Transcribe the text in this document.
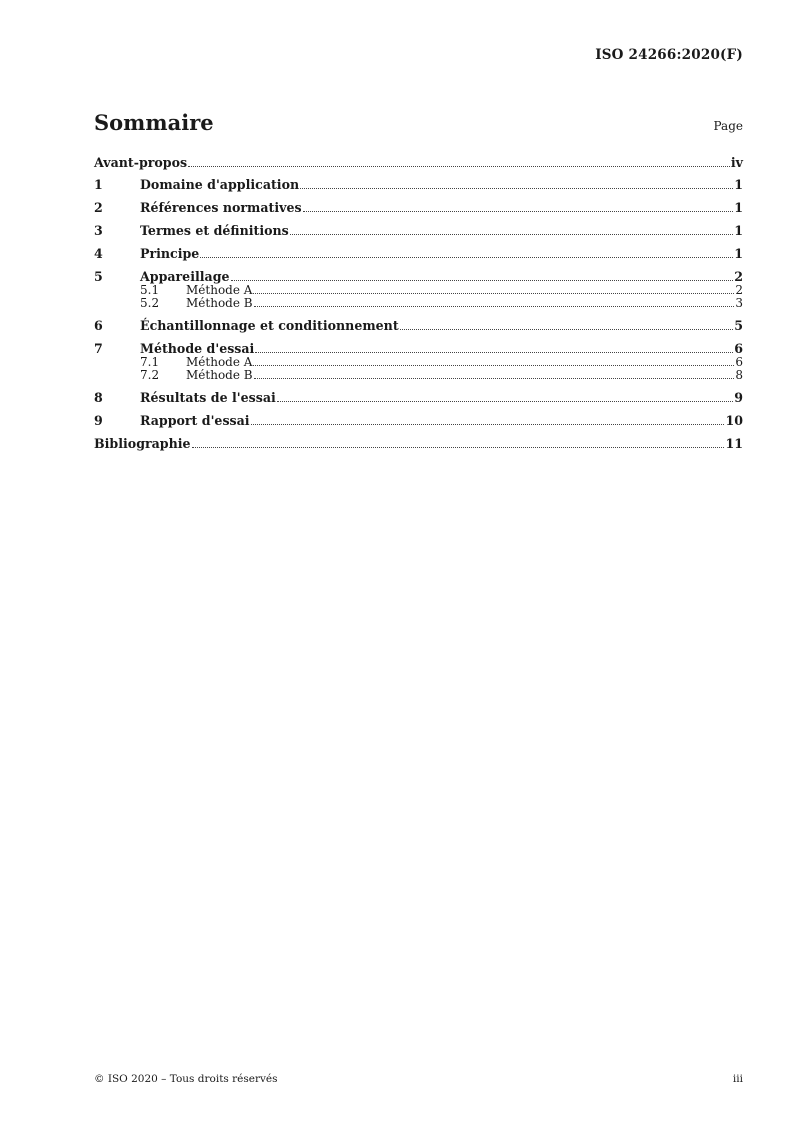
ISO 24266:2020(F)
Sommaire	Page
Avant-propos	iv
1	Domaine d'application	1
2	Références normatives	1
3	Termes et définitions	1
4	Principe	1
5	Appareillage	2
5.1	Méthode A	2
5.2	Méthode B	3
6	Échantillonnage et conditionnement	5
7	Méthode d'essai	6
7.1	Méthode A	6
7.2	Méthode B	8
8	Résultats de l'essai	9
9	Rapport d'essai	10
Bibliographie	11
© ISO 2020 – Tous droits réservés	iii
